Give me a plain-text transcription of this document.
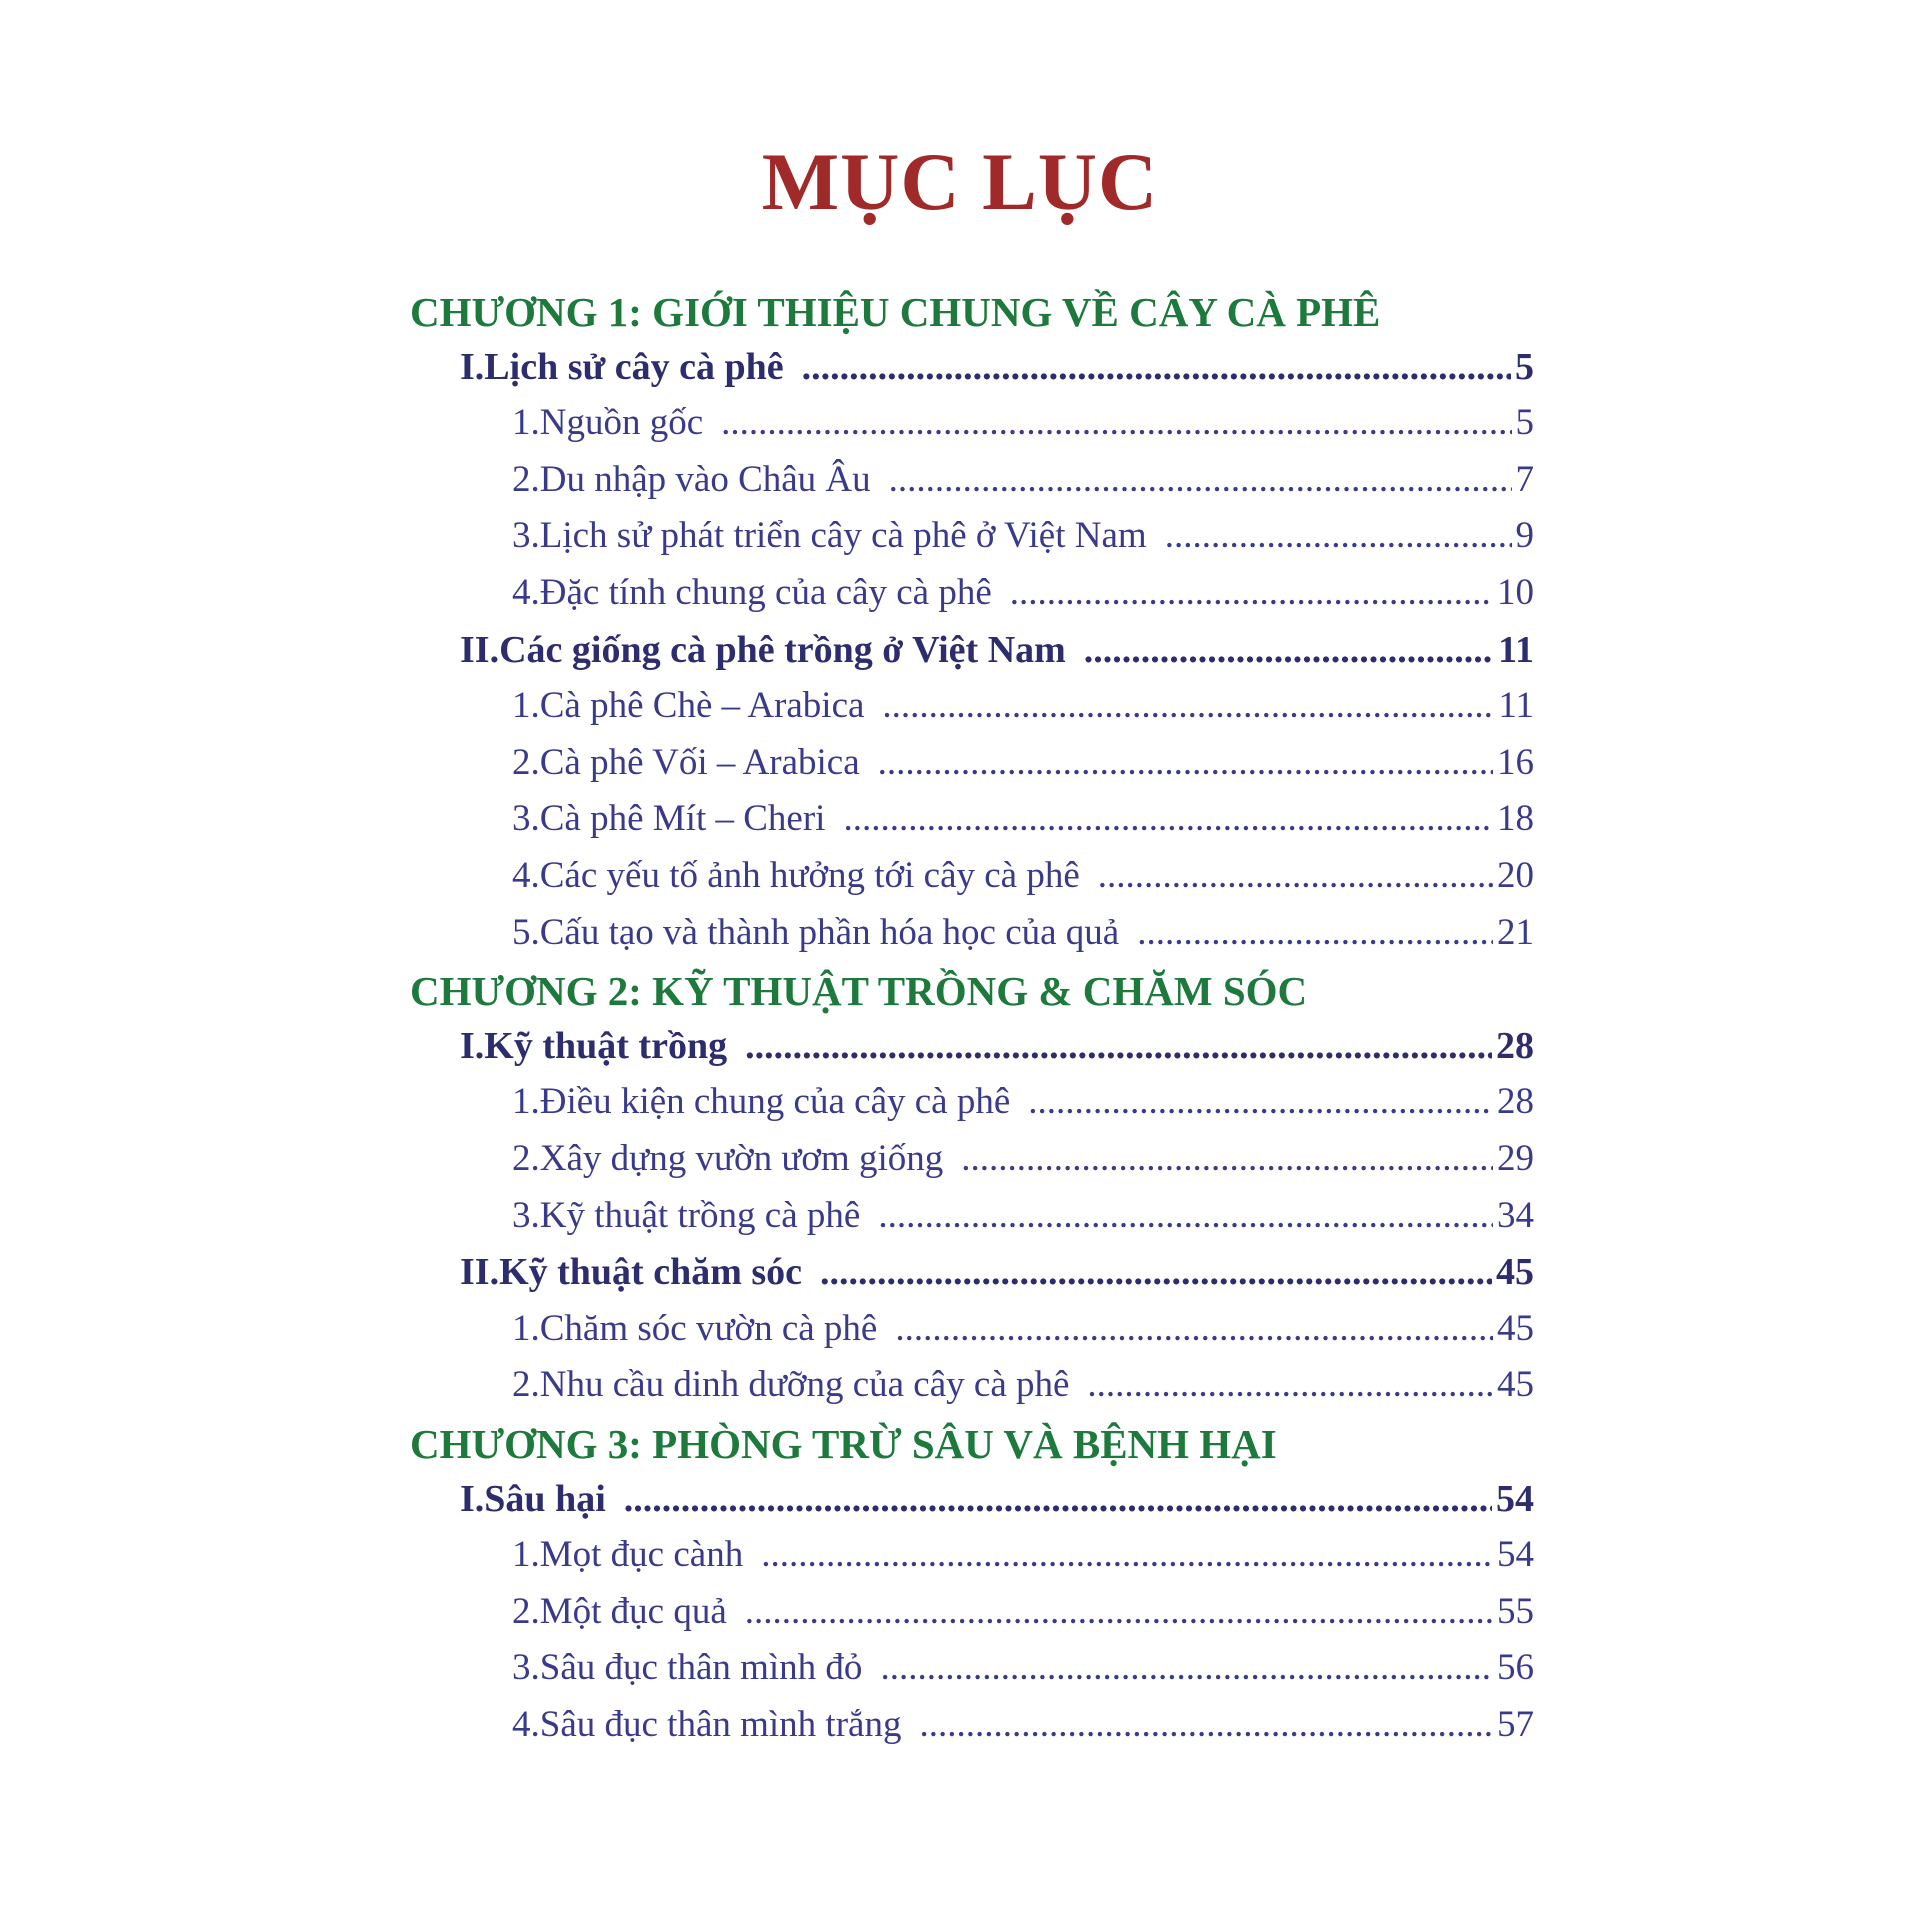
MỤC LỤC
CHƯƠNG 1: GIỚI THIỆU CHUNG VỀ CÂY CÀ PHÊ
I. Lịch sử cây cà phê .....	5
1. Nguồn gốc .....	5
2. Du nhập vào Châu Âu .....	7
3. Lịch sử phát triển cây cà phê ở Việt Nam .....	9
4. Đặc tính chung của cây cà phê .....	10
II. Các giống cà phê trồng ở Việt Nam .....	11
1. Cà phê Chè – Arabica .....	11
2. Cà phê Vối – Arabica .....	16
3. Cà phê Mít – Cheri .....	18
4. Các yếu tố ảnh hưởng tới cây cà phê .....	20
5. Cấu tạo và thành phần hóa học của quả .....	21
CHƯƠNG 2: KỸ THUẬT TRỒNG & CHĂM SÓC
I. Kỹ thuật trồng .....	28
1. Điều kiện chung của cây cà phê .....	28
2. Xây dựng vườn ươm giống .....	29
3. Kỹ thuật trồng cà phê .....	34
II. Kỹ thuật chăm sóc .....	45
1. Chăm sóc vườn cà phê .....	45
2. Nhu cầu dinh dưỡng của cây cà phê .....	45
CHƯƠNG 3: PHÒNG TRỪ SÂU VÀ BỆNH HẠI
I. Sâu hại .....	54
1. Mọt đục cành .....	54
2. Một đục quả .....	55
3. Sâu đục thân mình đỏ .....	56
4. Sâu đục thân mình trắng .....	57
